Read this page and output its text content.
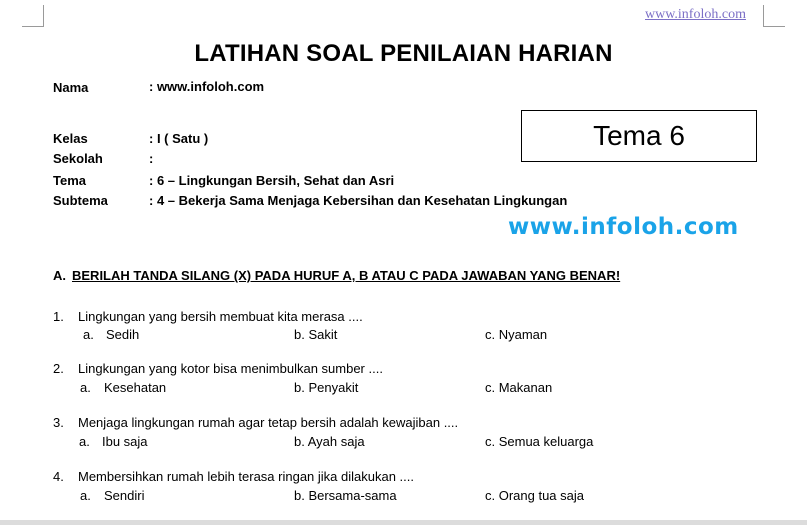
www.infoloh.com
LATIHAN SOAL PENILAIAN HARIAN
Nama	: www.infoloh.com
Kelas	: I ( Satu )
Sekolah	:
Tema	: 6 – Lingkungan Bersih, Sehat dan Asri
Subtema	: 4 – Bekerja Sama Menjaga Kebersihan dan Kesehatan Lingkungan
Tema 6
www.infoloh.com
A. BERILAH TANDA SILANG (X) PADA HURUF A, B ATAU C PADA JAWABAN YANG BENAR!
1. Lingkungan yang bersih membuat kita merasa ....
a. Sedih	b. Sakit	c. Nyaman
2. Lingkungan yang kotor bisa menimbulkan sumber ....
a. Kesehatan	b. Penyakit	c. Makanan
3. Menjaga lingkungan rumah agar tetap bersih adalah kewajiban ....
a. Ibu saja	b. Ayah saja	c. Semua keluarga
4. Membersihkan rumah lebih terasa ringan jika dilakukan ....
a. Sendiri	b. Bersama-sama	c. Orang tua saja
